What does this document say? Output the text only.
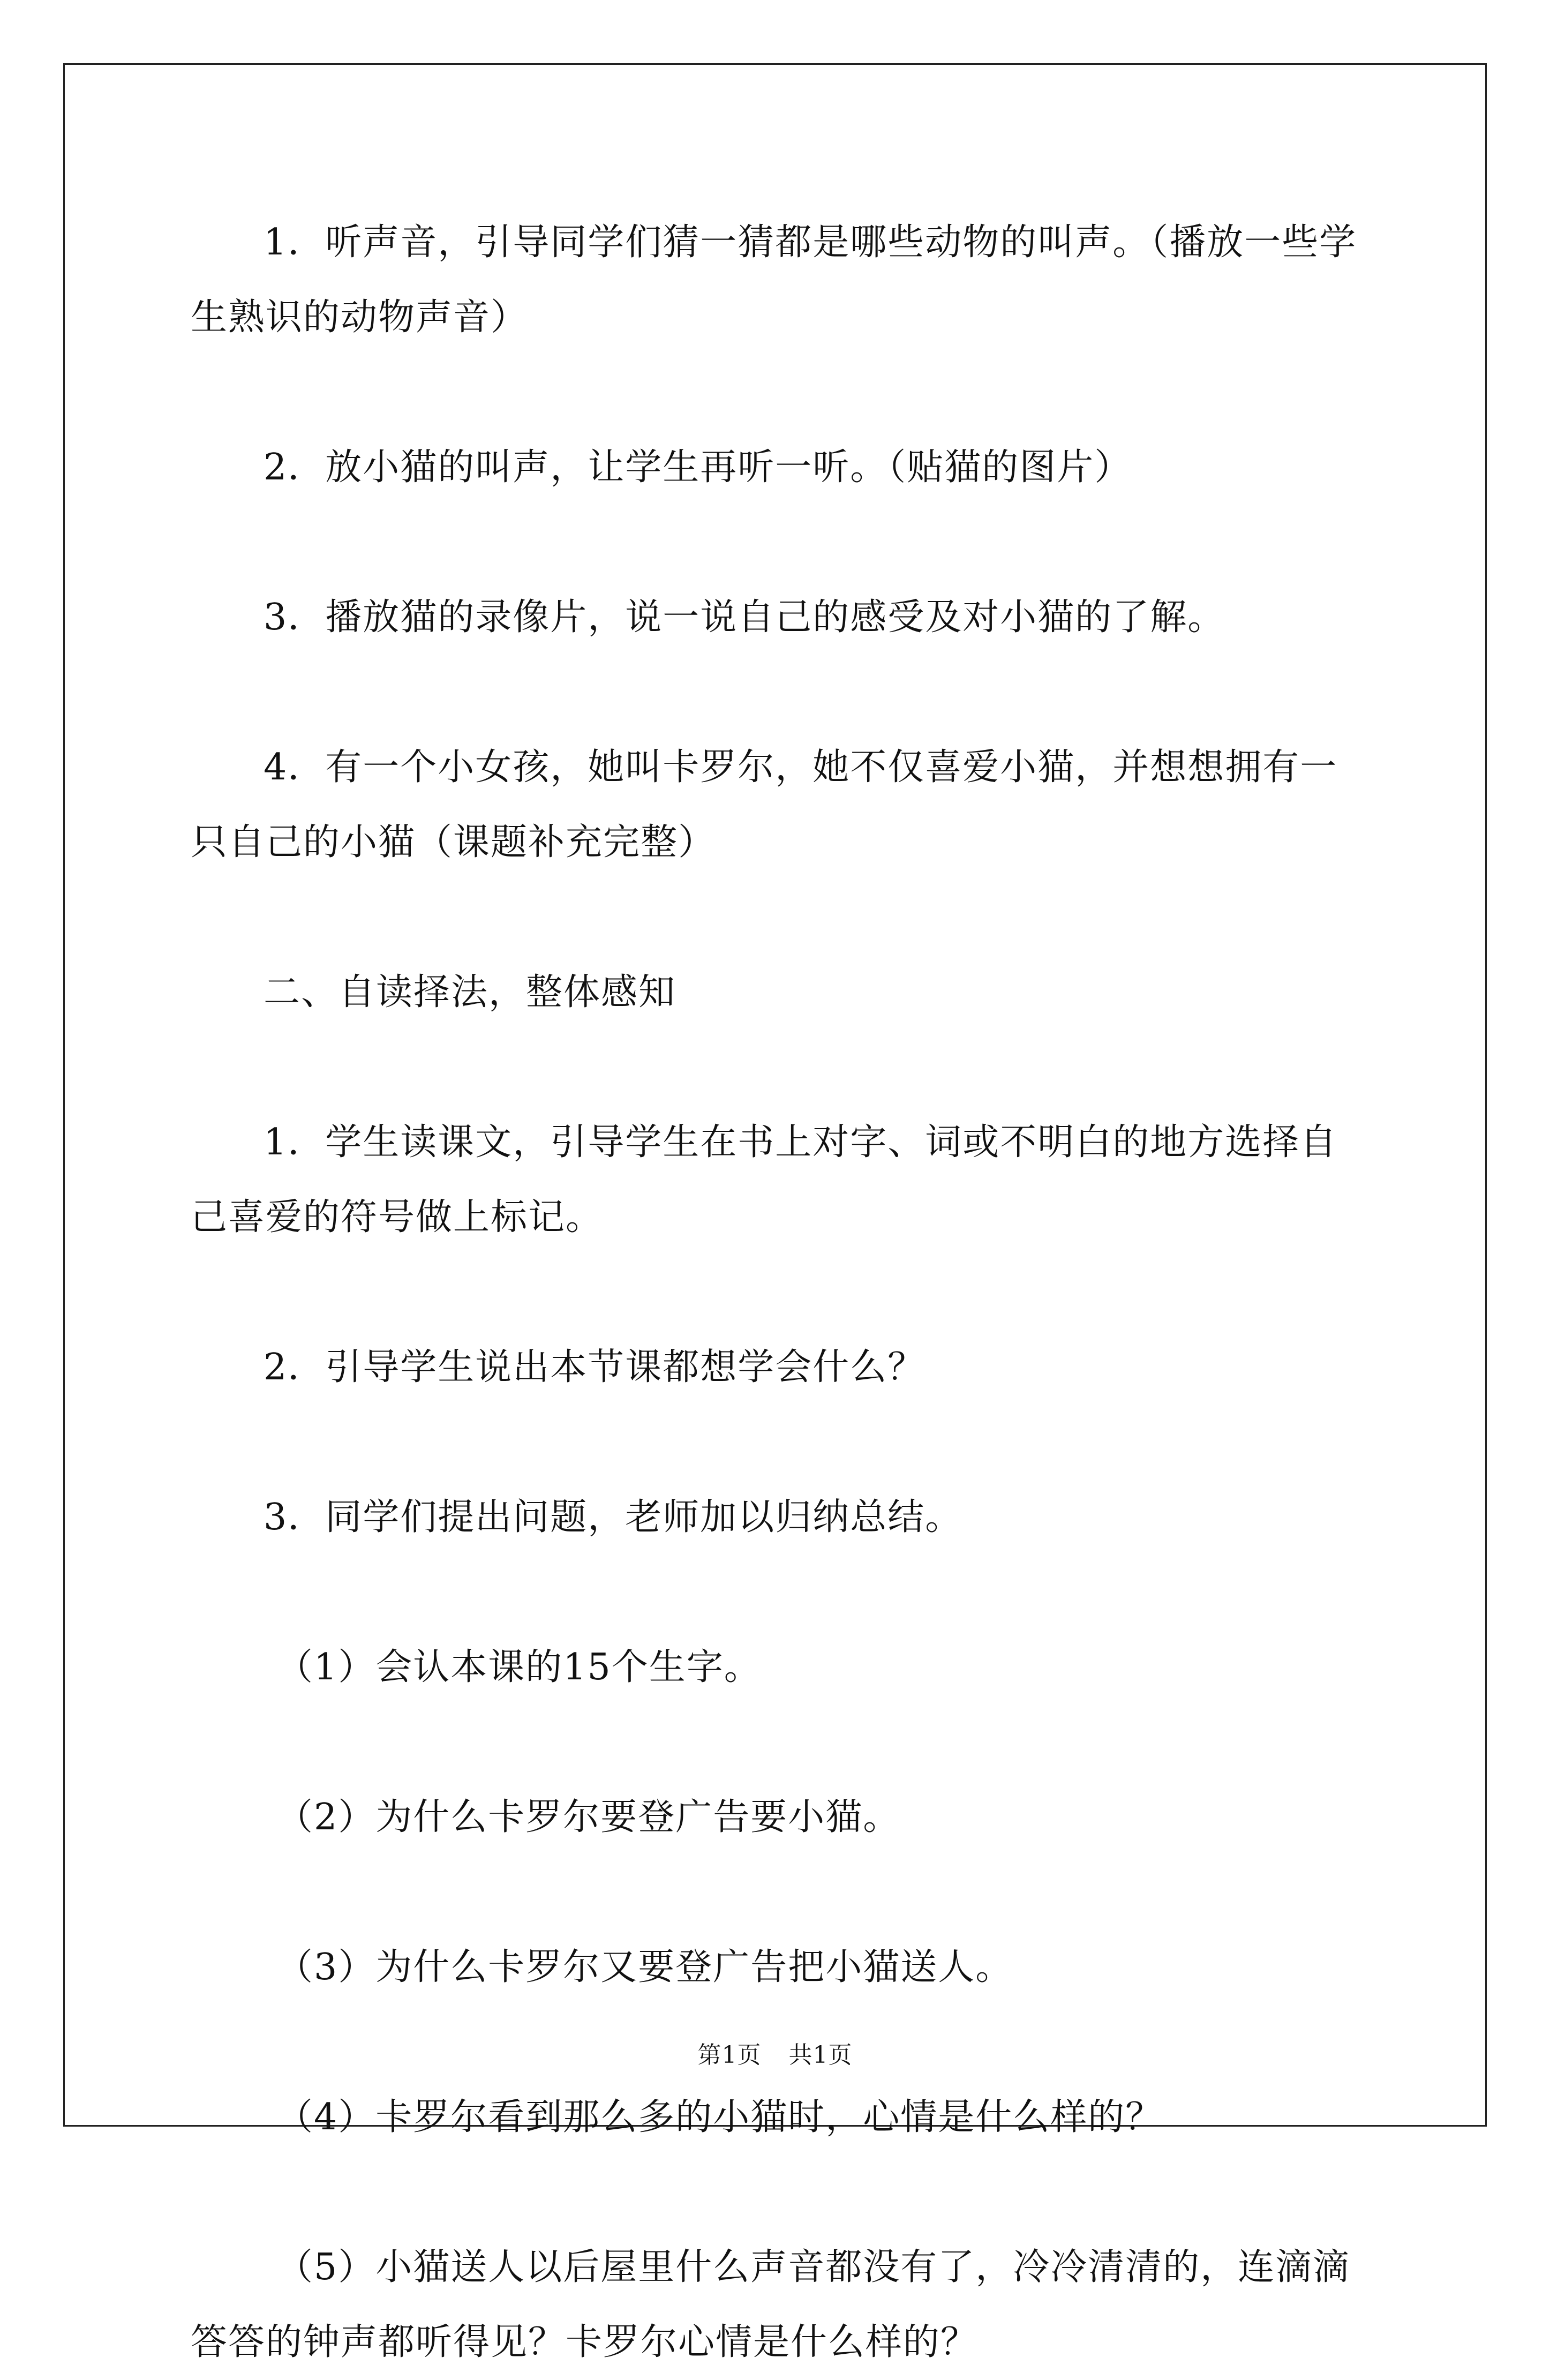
1．听声音，引导同学们猜一猜都是哪些动物的叫声。（播放一些学生熟识的动物声音）

2．放小猫的叫声，让学生再听一听。（贴猫的图片）

3．播放猫的录像片，说一说自己的感受及对小猫的了解。

4．有一个小女孩，她叫卡罗尔，她不仅喜爱小猫，并想想拥有一只自己的小猫（课题补充完整）

二、自读择法，整体感知

1．学生读课文，引导学生在书上对字、词或不明白的地方选择自己喜爱的符号做上标记。

2．引导学生说出本节课都想学会什么？

3．同学们提出问题，老师加以归纳总结。

（1）会认本课的15个生字。

（2）为什么卡罗尔要登广告要小猫。

（3）为什么卡罗尔又要登广告把小猫送人。

（4）卡罗尔看到那么多的小猫时，心情是什么样的？

（5）小猫送人以后屋里什么声音都没有了，冷冷清清的，连滴滴答答的钟声都听得见？卡罗尔心情是什么样的？

第1页 共1页
